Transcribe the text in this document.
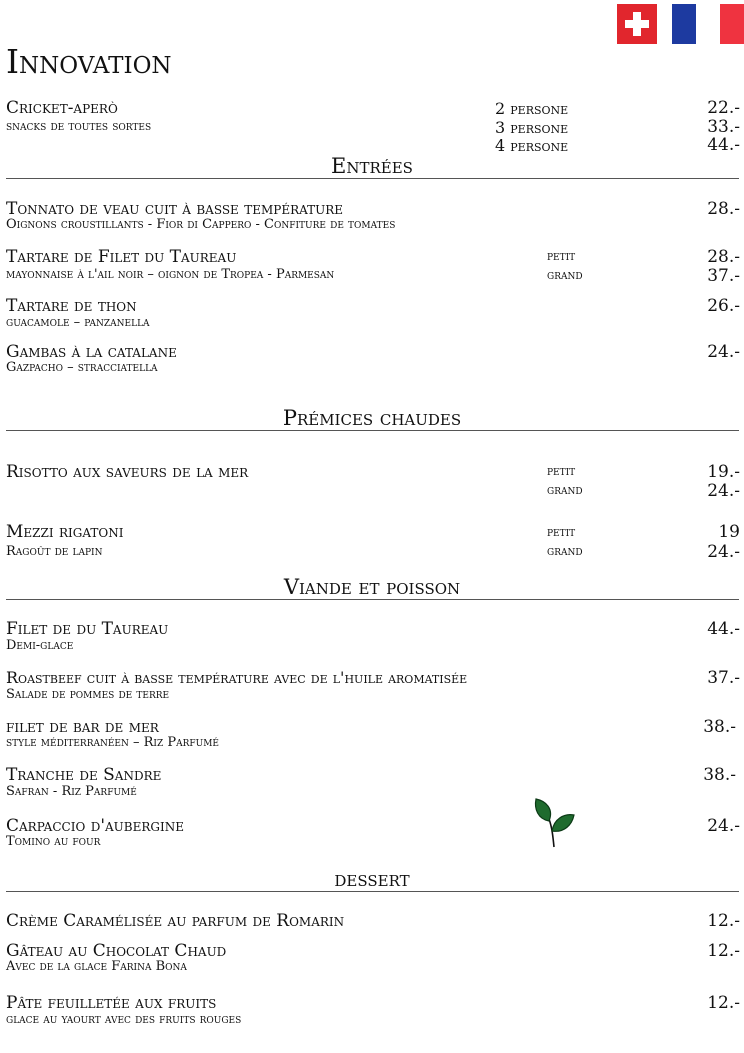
Innovation
Cricket-aperò
snacks de toutes sortes
2 persone
3 persone
4 persone
22.-
33.-
44.-
Entrées
Tonnato de veau cuit à basse température
Oignons croustillants - Fior di Cappero - Confiture de tomates
28.-
Tartare de Filet du Taureau
mayonnaise à l'ail noir – oignon de Tropea - Parmesan
petit
grand
28.-
37.-
Tartare de thon
guacamole – panzanella
26.-
Gambas à la catalane
Gazpacho – stracciatella
24.-
Prémices chaudes
Risotto aux saveurs de la mer	petit
grand
19.-
24.-
Mezzi rigatoni
Ragoût de lapin
petit
grand
19
24.-
Viande et poisson
Filet de du Taureau
Demi-glace
44.-
Roastbeef cuit à basse température avec de l'huile aromatisée
Salade de pommes de terre
37.-
filet de bar de mer
style méditerranéen – Riz Parfumé
38.-
Tranche de Sandre
Safran - Riz Parfumé
38.-
Carpaccio d'aubergine
Tomino au four
24.-
dessert
Crème Caramélisée au parfum de Romarin	12.-
Gâteau au Chocolat Chaud
Avec de la glace Farina Bona
12.-
Pâte feuilletée aux fruits
glace au yaourt avec des fruits rouges
12.-
